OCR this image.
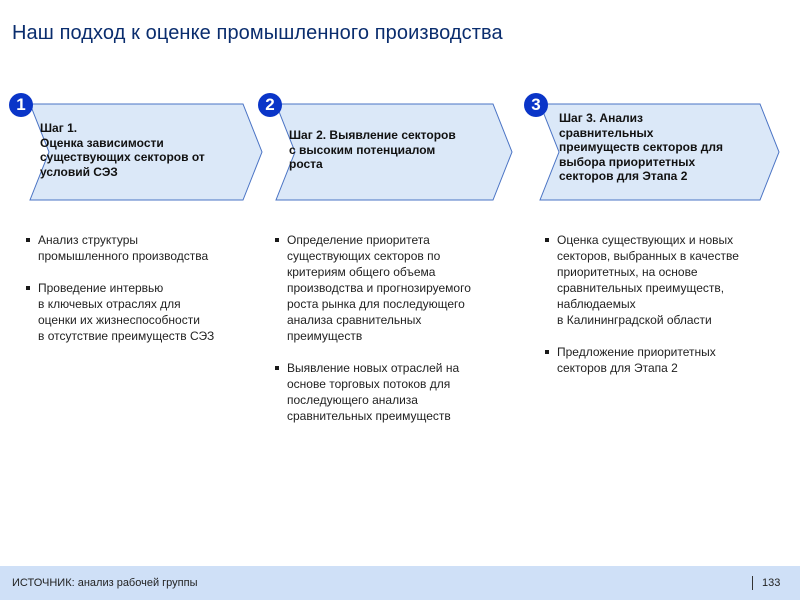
Наш подход к оценке промышленного производства
1	2	3
Шаг 1.
Оценка зависимости
существующих секторов от
условий СЭЗ
Шаг 2. Выявление секторов
с высоким потенциалом
роста
Шаг 3. Анализ
сравнительных
преимуществ секторов для
выбора приоритетных
секторов для Этапа 2
Анализ структуры
промышленного производства
Проведение интервью
в ключевых отраслях для
оценки их жизнеспособности
в отсутствие преимуществ СЭЗ
Определение приоритета
существующих секторов по
критериям общего объема
производства и прогнозируемого
роста рынка для последующего
анализа сравнительных
преимуществ
Выявление новых отраслей на
основе торговых потоков для
последующего анализа
сравнительных преимуществ
Оценка существующих и новых
секторов, выбранных в качестве
приоритетных, на основе
сравнительных преимуществ,
наблюдаемых
в Калининградской области
Предложение приоритетных
секторов для Этапа 2
ИСТОЧНИК: анализ рабочей группы	133
